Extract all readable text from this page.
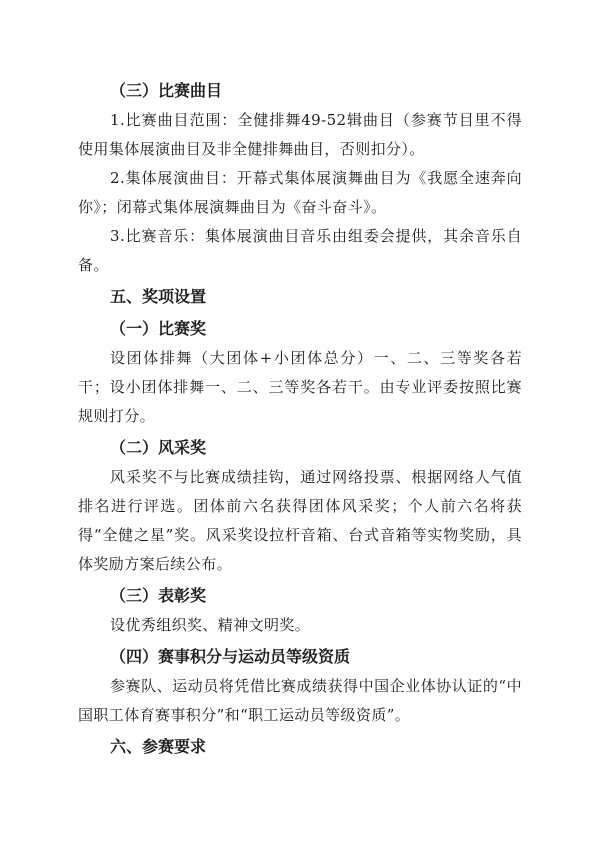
（三）比赛曲目

1.比赛曲目范围：全健排舞49-52辑曲目（参赛节目里不得使用集体展演曲目及非全健排舞曲目，否则扣分）。

2.集体展演曲目：开幕式集体展演舞曲目为《我愿全速奔向你》；闭幕式集体展演舞曲目为《奋斗奋斗》。

3.比赛音乐：集体展演曲目音乐由组委会提供，其余音乐自备。

五、奖项设置
（一）比赛奖

设团体排舞（大团体+小团体总分）一、二、三等奖各若干；设小团体排舞一、二、三等奖各若干。由专业评委按照比赛规则打分。

（二）风采奖

风采奖不与比赛成绩挂钩，通过网络投票、根据网络人气值排名进行评选。团体前六名获得团体风采奖；个人前六名将获得“全健之星”奖。风采奖设拉杆音箱、台式音箱等实物奖励，具体奖励方案后续公布。

（三）表彰奖

设优秀组织奖、精神文明奖。

（四）赛事积分与运动员等级资质

参赛队、运动员将凭借比赛成绩获得中国企业体协认证的“中国职工体育赛事积分”和“职工运动员等级资质”。

六、参赛要求
